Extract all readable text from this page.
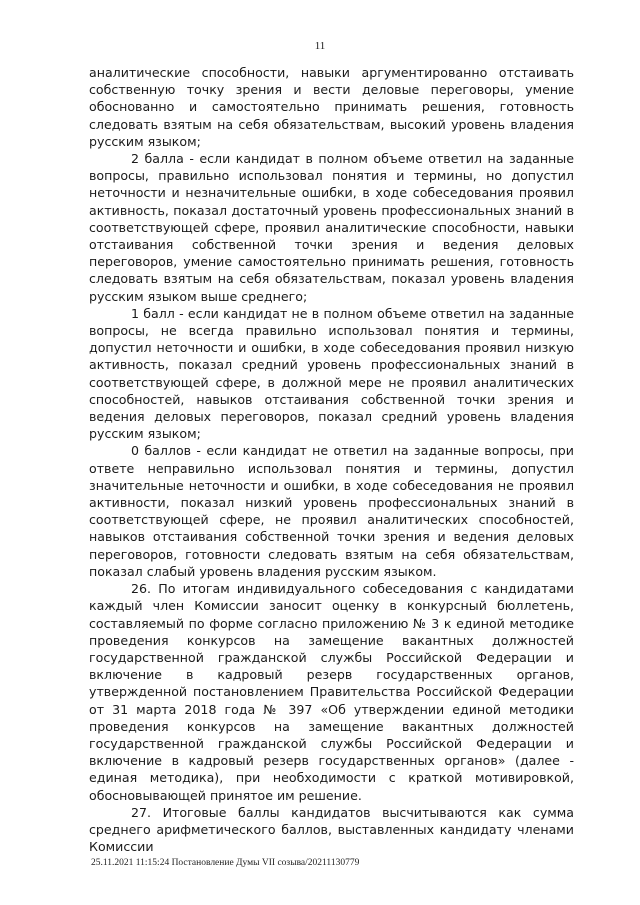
11

аналитические способности, навыки аргументированно отстаивать собственную точку зрения и вести деловые переговоры, умение обоснованно и самостоятельно принимать решения, готовность следовать взятым на себя обязательствам, высокий уровень владения русским языком;

2 балла - если кандидат в полном объеме ответил на заданные вопросы, правильно использовал понятия и термины, но допустил неточности и незначительные ошибки, в ходе собеседования проявил активность, показал достаточный уровень профессиональных знаний в соответствующей сфере, проявил аналитические способности, навыки отстаивания собственной точки зрения и ведения деловых переговоров, умение самостоятельно принимать решения, готовность следовать взятым на себя обязательствам, показал уровень владения русским языком выше среднего;

1 балл - если кандидат не в полном объеме ответил на заданные вопросы, не всегда правильно использовал понятия и термины, допустил неточности и ошибки, в ходе собеседования проявил низкую активность, показал средний уровень профессиональных знаний в соответствующей сфере, в должной мере не проявил аналитических способностей, навыков отстаивания собственной точки зрения и ведения деловых переговоров, показал средний уровень владения русским языком;

0 баллов - если кандидат не ответил на заданные вопросы, при ответе неправильно использовал понятия и термины, допустил значительные неточности и ошибки, в ходе собеседования не проявил активности, показал низкий уровень профессиональных знаний в соответствующей сфере, не проявил аналитических способностей, навыков отстаивания собственной точки зрения и ведения деловых переговоров, готовности следовать взятым на себя обязательствам, показал слабый уровень владения русским языком.

26. По итогам индивидуального собеседования с кандидатами каждый член Комиссии заносит оценку в конкурсный бюллетень, составляемый по форме согласно приложению № 3 к единой методике проведения конкурсов на замещение вакантных должностей государственной гражданской службы Российской Федерации и включение в кадровый резерв государственных органов, утвержденной постановлением Правительства Российской Федерации от 31 марта 2018 года № 397 «Об утверждении единой методики проведения конкурсов на замещение вакантных должностей государственной гражданской службы Российской Федерации и включение в кадровый резерв государственных органов» (далее - единая методика), при необходимости с краткой мотивировкой, обосновывающей принятое им решение.

27. Итоговые баллы кандидатов высчитываются как сумма среднего арифметического баллов, выставленных кандидату членами Комиссии

25.11.2021 11:15:24 Постановление Думы VII созыва/20211130779
